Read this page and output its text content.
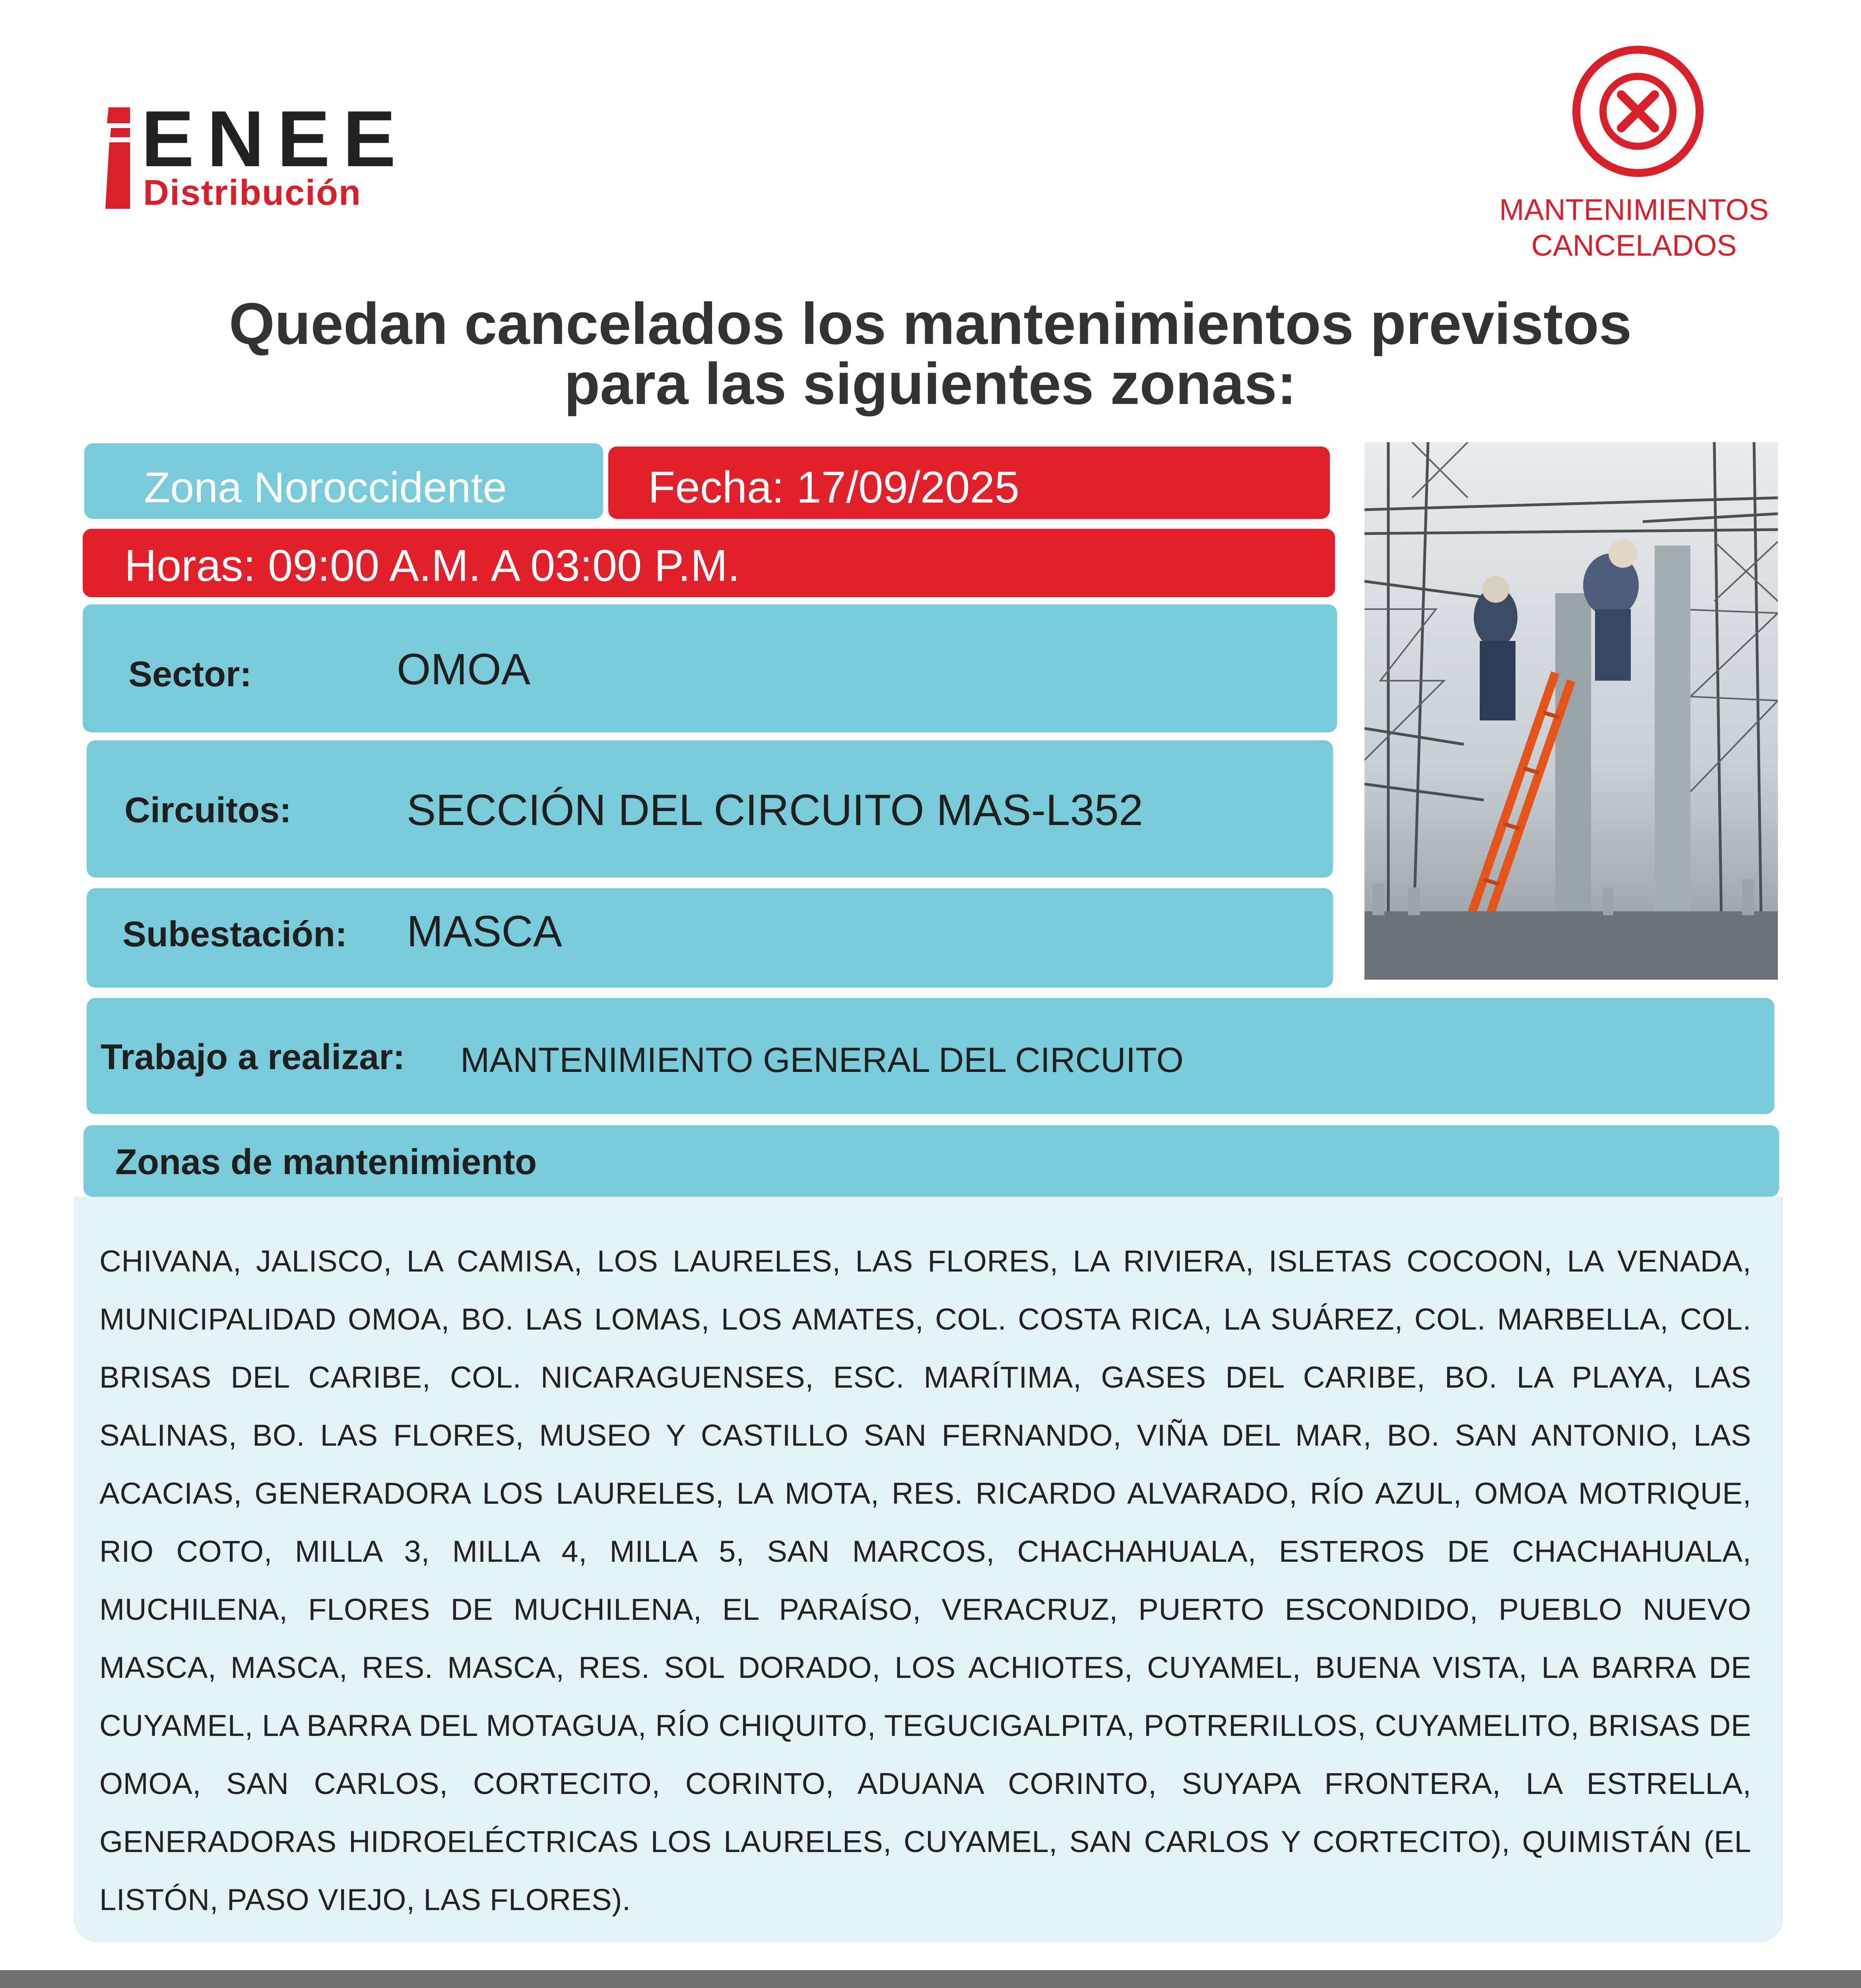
ENEE
Distribución	MANTENIMIENTOS
CANCELADOS
Quedan cancelados los mantenimientos previstos
para las siguientes zonas:
Zona Noroccidente	Fecha: 17/09/2025
Horas: 09:00 A.M. A 03:00 P.M.
Sector:	OMOA
Circuitos:	SECCIÓN DEL CIRCUITO MAS-L352
Subestación: MASCA
Trabajo a realizar: MANTENIMIENTO GENERAL DEL CIRCUITO
Zonas de mantenimiento
CHIVANA, JALISCO, LA CAMISA, LOS LAURELES, LAS FLORES, LA RIVIERA, ISLETAS COCOON, LA VENADA, MUNICIPALIDAD OMOA, BO. LAS LOMAS, LOS AMATES, COL. COSTA RICA, LA SUÁREZ, COL. MARBELLA, COL. BRISAS DEL CARIBE, COL. NICARAGUENSES, ESC. MARÍTIMA, GASES DEL CARIBE, BO. LA PLAYA, LAS SALINAS, BO. LAS FLORES, MUSEO Y CASTILLO SAN FERNANDO, VIÑA DEL MAR, BO. SAN ANTONIO, LAS ACACIAS, GENERADORA LOS LAURELES, LA MOTA, RES. RICARDO ALVARADO, RÍO AZUL, OMOA MOTRIQUE, RIO COTO, MILLA 3, MILLA 4, MILLA 5, SAN MARCOS, CHACHAHUALA, ESTEROS DE CHACHAHUALA, MUCHILENA, FLORES DE MUCHILENA, EL PARAÍSO, VERACRUZ, PUERTO ESCONDIDO, PUEBLO NUEVO MASCA, MASCA, RES. MASCA, RES. SOL DORADO, LOS ACHIOTES, CUYAMEL, BUENA VISTA, LA BARRA DE CUYAMEL, LA BARRA DEL MOTAGUA, RÍO CHIQUITO, TEGUCIGALPITA, POTRERILLOS, CUYAMELITO, BRISAS DE OMOA, SAN CARLOS, CORTECITO, CORINTO, ADUANA CORINTO, SUYAPA FRONTERA, LA ESTRELLA, GENERADORAS HIDROELÉCTRICAS LOS LAURELES, CUYAMEL, SAN CARLOS Y CORTECITO), QUIMISTÁN (EL LISTÓN, PASO VIEJO, LAS FLORES).
